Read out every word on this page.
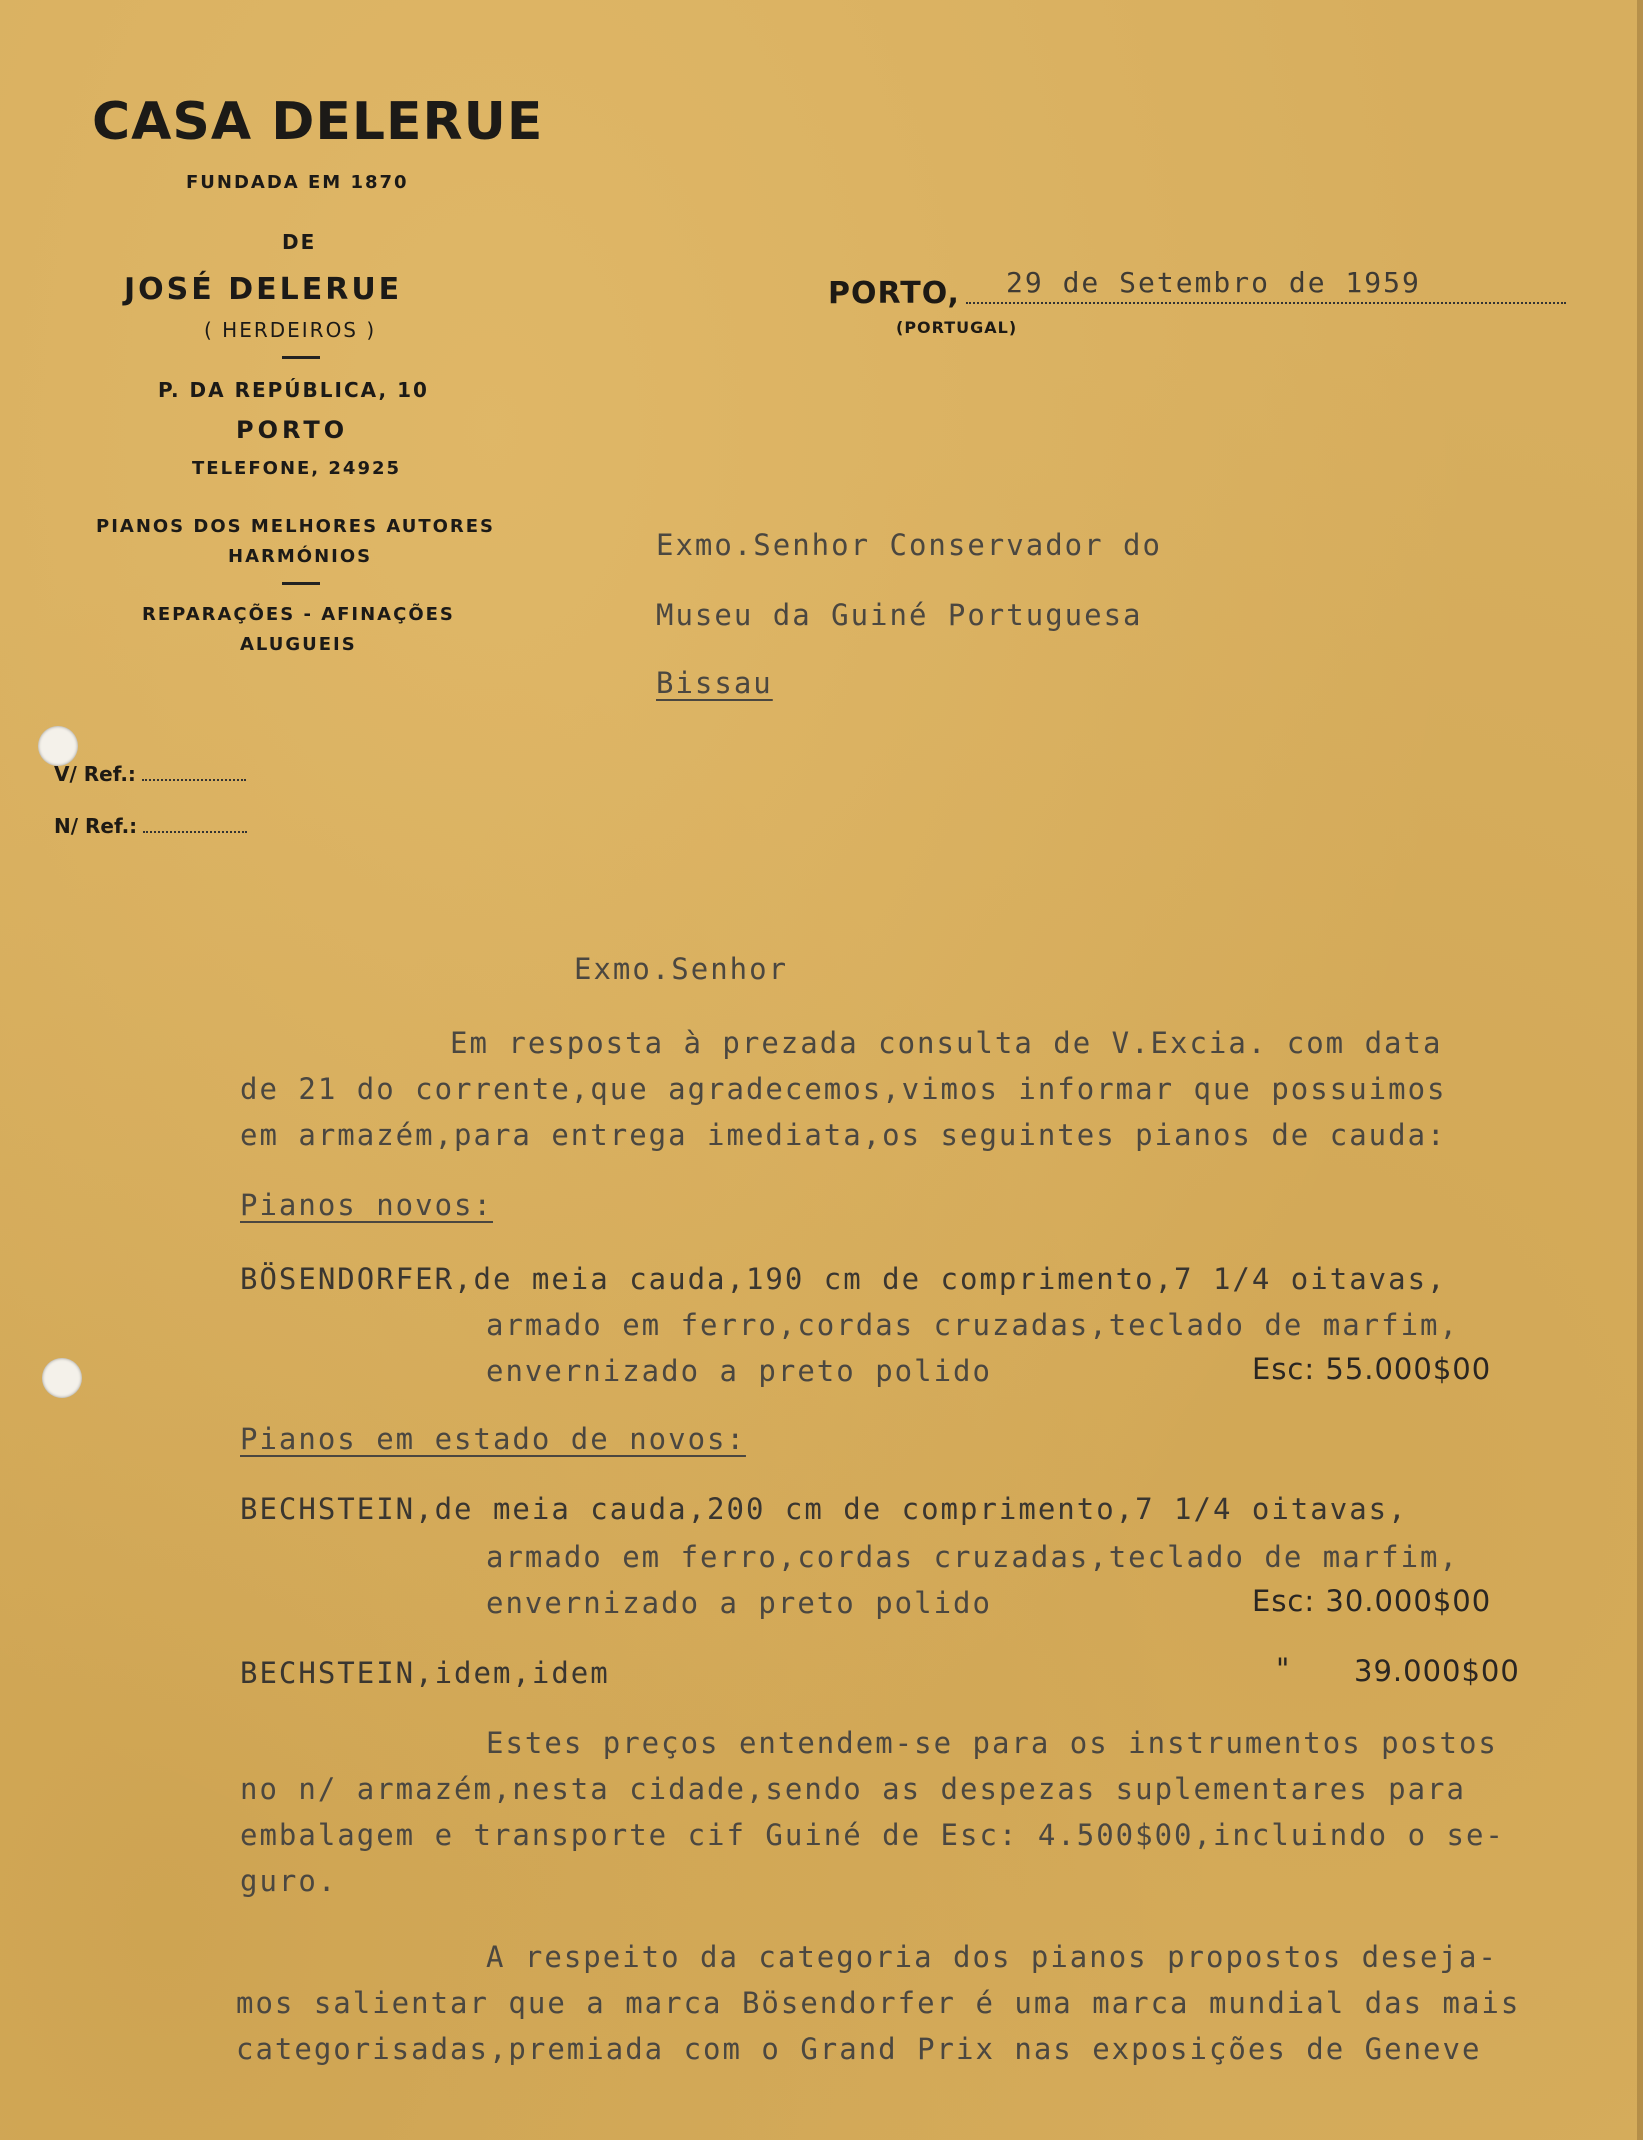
CASA DELERUE
FUNDADA EM 1870
DE
JOSÉ DELERUE
( HERDEIROS )
P. DA REPÚBLICA, 10
PORTO
TELEFONE, 24925
PIANOS DOS MELHORES AUTORES
HARMÓNIOS
REPARAÇÕES - AFINAÇÕES
ALUGUEIS
V/ Ref.:
N/ Ref.:
PORTO,
(PORTUGAL)
29 de Setembro de 1959
Exmo.Senhor Conservador do
Museu da Guiné Portuguesa
Bissau
Exmo.Senhor
Em resposta à prezada consulta de V.Excia. com data
de 21 do corrente,que agradecemos,vimos informar que possuimos
em armazém,para entrega imediata,os seguintes pianos de cauda:
Pianos novos:
BÖSENDORFER,de meia cauda,190 cm de comprimento,7 1/4 oitavas,
armado em ferro,cordas cruzadas,teclado de marfim,
envernizado a preto polido	Esc: 55.000$00
Pianos em estado de novos:
BECHSTEIN,de meia cauda,200 cm de comprimento,7 1/4 oitavas,
armado em ferro,cordas cruzadas,teclado de marfim,
envernizado a preto polido	Esc: 30.000$00
BECHSTEIN,idem,idem	" 39.000$00
Estes preços entendem-se para os instrumentos postos
no n/ armazém,nesta cidade,sendo as despezas suplementares para
embalagem e transporte cif Guiné de Esc: 4.500$00,incluindo o se-
guro.
A respeito da categoria dos pianos propostos deseja-
mos salientar que a marca Bösendorfer é uma marca mundial das mais
categorisadas,premiada com o Grand Prix nas exposições de Geneve
